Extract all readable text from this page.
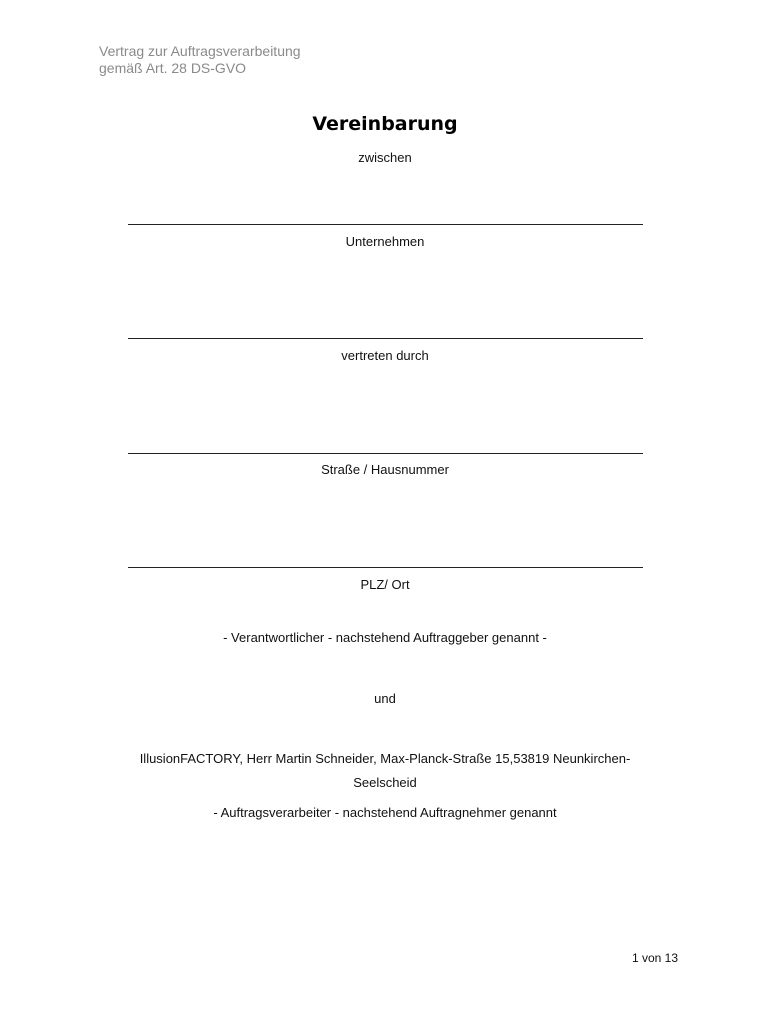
Vertrag zur Auftragsverarbeitung
gemäß Art. 28 DS-GVO
Vereinbarung
zwischen
Unternehmen
vertreten durch
Straße / Hausnummer
PLZ/ Ort
- Verantwortlicher - nachstehend Auftraggeber genannt -
und
IllusionFACTORY, Herr Martin Schneider, Max-Planck-Straße 15,53819 Neunkirchen-
Seelscheid
- Auftragsverarbeiter - nachstehend Auftragnehmer genannt
1 von 13
